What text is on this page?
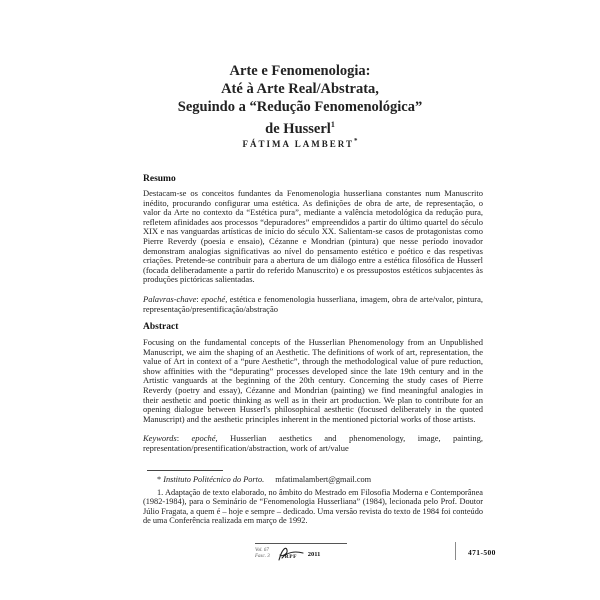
Arte e Fenomenologia:
Até à Arte Real/Abstrata,
Seguindo a “Redução Fenomenológica”
de Husserl$^1$
FÁTIMA LAMBERT*
Resumo
Destacam-se os conceitos fundantes da Fenomenologia husserliana constantes num Manuscrito inédito, procurando configurar uma estética. As definições de obra de arte, de representação, o valor da Arte no contexto da “Estética pura”, mediante a valência metodológica da redução pura, refletem afinidades aos processos “depuradores” empreendidos a partir do último quartel do século XIX e nas vanguardas artísticas de início do século XX. Salientam-se casos de protagonistas como Pierre Reverdy (poesia e ensaio), Cézanne e Mondrian (pintura) que nesse período inovador demonstram analogias significativas ao nível do pensamento estético e poético e das respetivas criações. Pretende-se contribuir para a abertura de um diálogo entre a estética filosófica de Husserl (focada deliberadamente a partir do referido Manuscrito) e os pressupostos estéticos subjacentes às produções pictóricas salientadas.
Palavras-chave: epoché, estética e fenomenologia husserliana, imagem, obra de arte/valor, pintura, representação/presentificação/abstração
Abstract
Focusing on the fundamental concepts of the Husserlian Phenomenology from an Unpublished Manuscript, we aim the shaping of an Aesthetic. The definitions of work of art, representation, the value of Art in context of a “pure Aesthetic”, through the methodological value of pure reduction, show affinities with the “depurating” processes developed since the late 19th century and in the Artistic vanguards at the beginning of the 20th century. Concerning the study cases of Pierre Reverdy (poetry and essay), Cézanne and Mondrian (painting) we find meaningful analogies in their aesthetic and poetic thinking as well as in their art production. We plan to contribute for an opening dialogue between Husserl's philosophical aesthetic (focused deliberately in the quoted Manuscript) and the aesthetic principles inherent in the mentioned pictorial works of those artists.
Keywords: epoché, Husserlian aesthetics and phenomenology, image, painting, representation/presentification/abstraction, work of art/value
* Instituto Politécnico do Porto. mfatimalambert@gmail.com
1. Adaptação de texto elaborado, no âmbito do Mestrado em Filosofia Moderna e Contemporânea (1982-1984), para o Seminário de “Fenomenologia Husserliana” (1984), lecionada pelo Prof. Doutor Júlio Fragata, a quem é – hoje e sempre – dedicado. Uma versão revista do texto de 1984 foi conteúdo de uma Conferência realizada em março de 1992.
Vol. 67
Fasc. 3	RPF 2011	471-500
